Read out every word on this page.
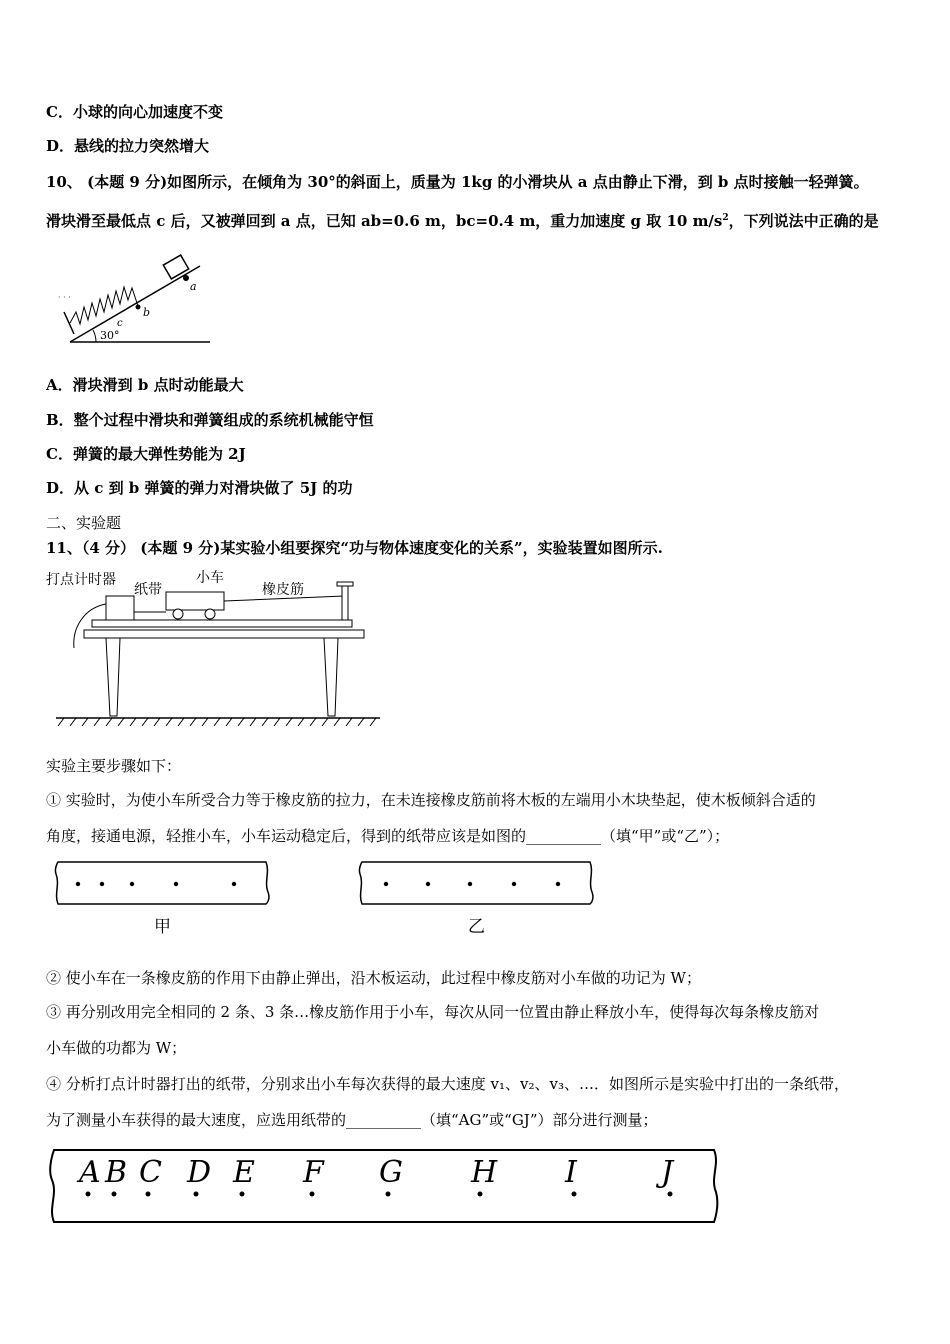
C．小球的向心加速度不变
D．悬线的拉力突然增大
10、 (本题 9 分)如图所示，在倾角为 30°的斜面上，质量为 1kg 的小滑块从 a 点由静止下滑，到 b 点时接触一轻弹簧。
滑块滑至最低点 c 后，又被弹回到 a 点，已知 ab=0.6 m，bc=0.4 m，重力加速度 g 取 10 $m/s^2$，下列说法中正确的是
a
b
c
30°
· · ·
A．滑块滑到 b 点时动能最大
B．整个过程中滑块和弹簧组成的系统机械能守恒
C．弹簧的最大弹性势能为 2J
D．从 c 到 b 弹簧的弹力对滑块做了 5J 的功
二、实验题
11、（4 分） (本题 9 分)某实验小组要探究“功与物体速度变化的关系”，实验装置如图所示.
打点计时器
纸带
小车
橡皮筋
实验主要步骤如下：
① 实验时，为使小车所受合力等于橡皮筋的拉力，在未连接橡皮筋前将木板的左端用小木块垫起，使木板倾斜合适的
角度，接通电源，轻推小车，小车运动稳定后，得到的纸带应该是如图的__________（填“甲”或“乙”）；
甲	乙
② 使小车在一条橡皮筋的作用下由静止弹出，沿木板运动，此过程中橡皮筋对小车做的功记为 W；
③ 再分别改用完全相同的 2 条、3 条…橡皮筋作用于小车，每次从同一位置由静止释放小车，使得每次每条橡皮筋对
小车做的功都为 W；
④ 分析打点计时器打出的纸带，分别求出小车每次获得的最大速度 v₁、v₂、v₃、…．如图所示是实验中打出的一条纸带，
为了测量小车获得的最大速度，应选用纸带的__________（填“AG”或“GJ”）部分进行测量；
A B C D E F G H I	J
